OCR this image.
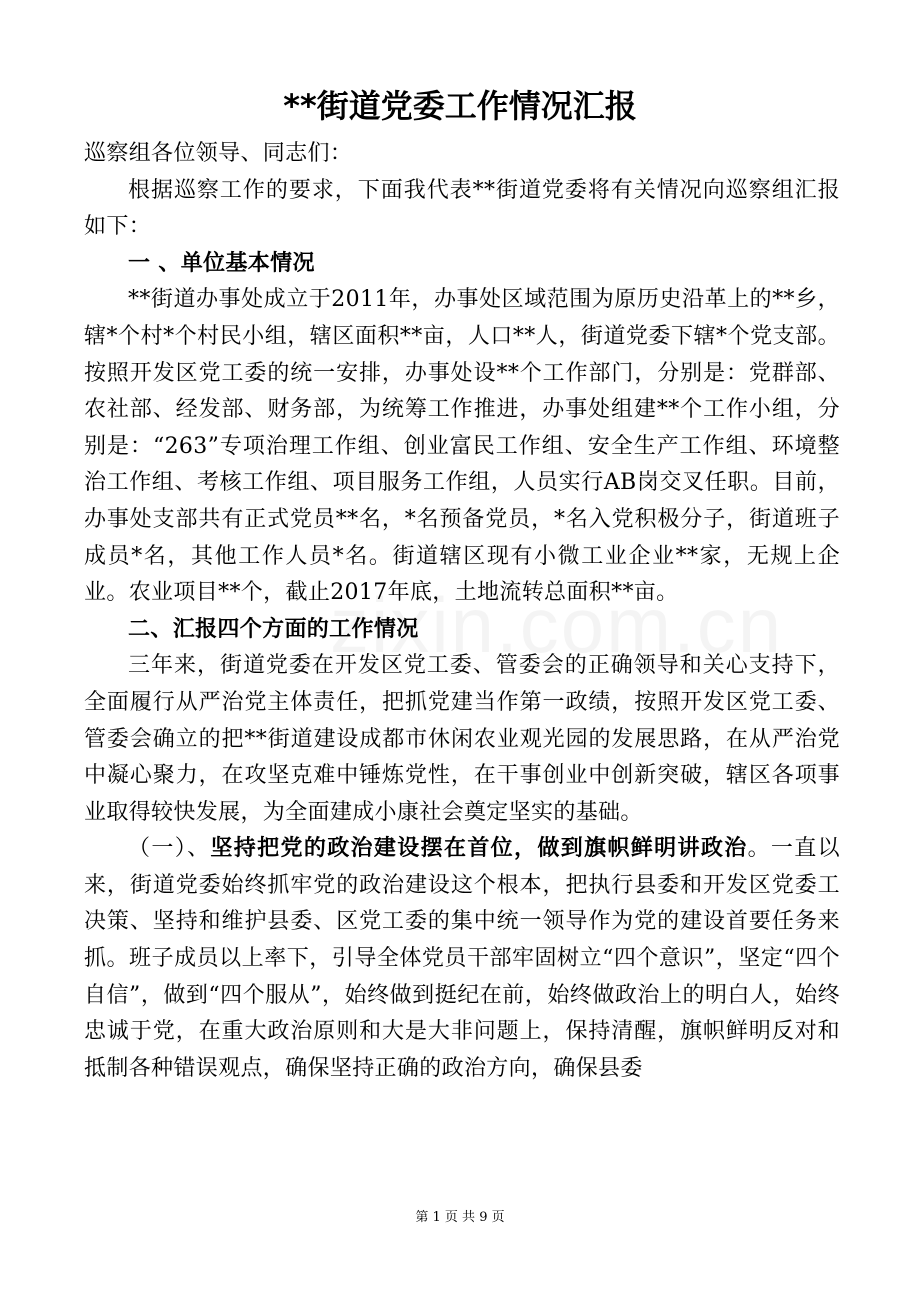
**街道党委工作情况汇报

巡察组各位领导、同志们：

根据巡察工作的要求，下面我代表**街道党委将有关情况向巡察组汇报如下：

一 、单位基本情况

**街道办事处成立于2011年，办事处区域范围为原历史沿革上的**乡，辖*个村*个村民小组，辖区面积**亩，人口**人，街道党委下辖*个党支部。按照开发区党工委的统一安排，办事处设**个工作部门，分别是：党群部、农社部、经发部、财务部，为统筹工作推进，办事处组建**个工作小组，分别是：“263”专项治理工作组、创业富民工作组、安全生产工作组、环境整治工作组、考核工作组、项目服务工作组，人员实行AB岗交叉任职。目前，办事处支部共有正式党员**名，*名预备党员，*名入党积极分子，街道班子成员*名，其他工作人员*名。街道辖区现有小微工业企业**家，无规上企业。农业项目**个，截止2017年底，土地流转总面积**亩。

二、汇报四个方面的工作情况

三年来，街道党委在开发区党工委、管委会的正确领导和关心支持下，全面履行从严治党主体责任，把抓党建当作第一政绩，按照开发区党工委、管委会确立的把**街道建设成都市休闲农业观光园的发展思路，在从严治党中凝心聚力，在攻坚克难中锤炼党性，在干事创业中创新突破，辖区各项事业取得较快发展，为全面建成小康社会奠定坚实的基础。

（一）、坚持把党的政治建设摆在首位，做到旗帜鲜明讲政治。一直以来，街道党委始终抓牢党的政治建设这个根本，把执行县委和开发区党委工决策、坚持和维护县委、区党工委的集中统一领导作为党的建设首要任务来抓。班子成员以上率下，引导全体党员干部牢固树立“四个意识”，坚定“四个自信”，做到“四个服从”，始终做到挺纪在前，始终做政治上的明白人，始终忠诚于党，在重大政治原则和大是大非问题上，保持清醒，旗帜鲜明反对和抵制各种错误观点，确保坚持正确的政治方向，确保县委

第 1 页 共 9 页
